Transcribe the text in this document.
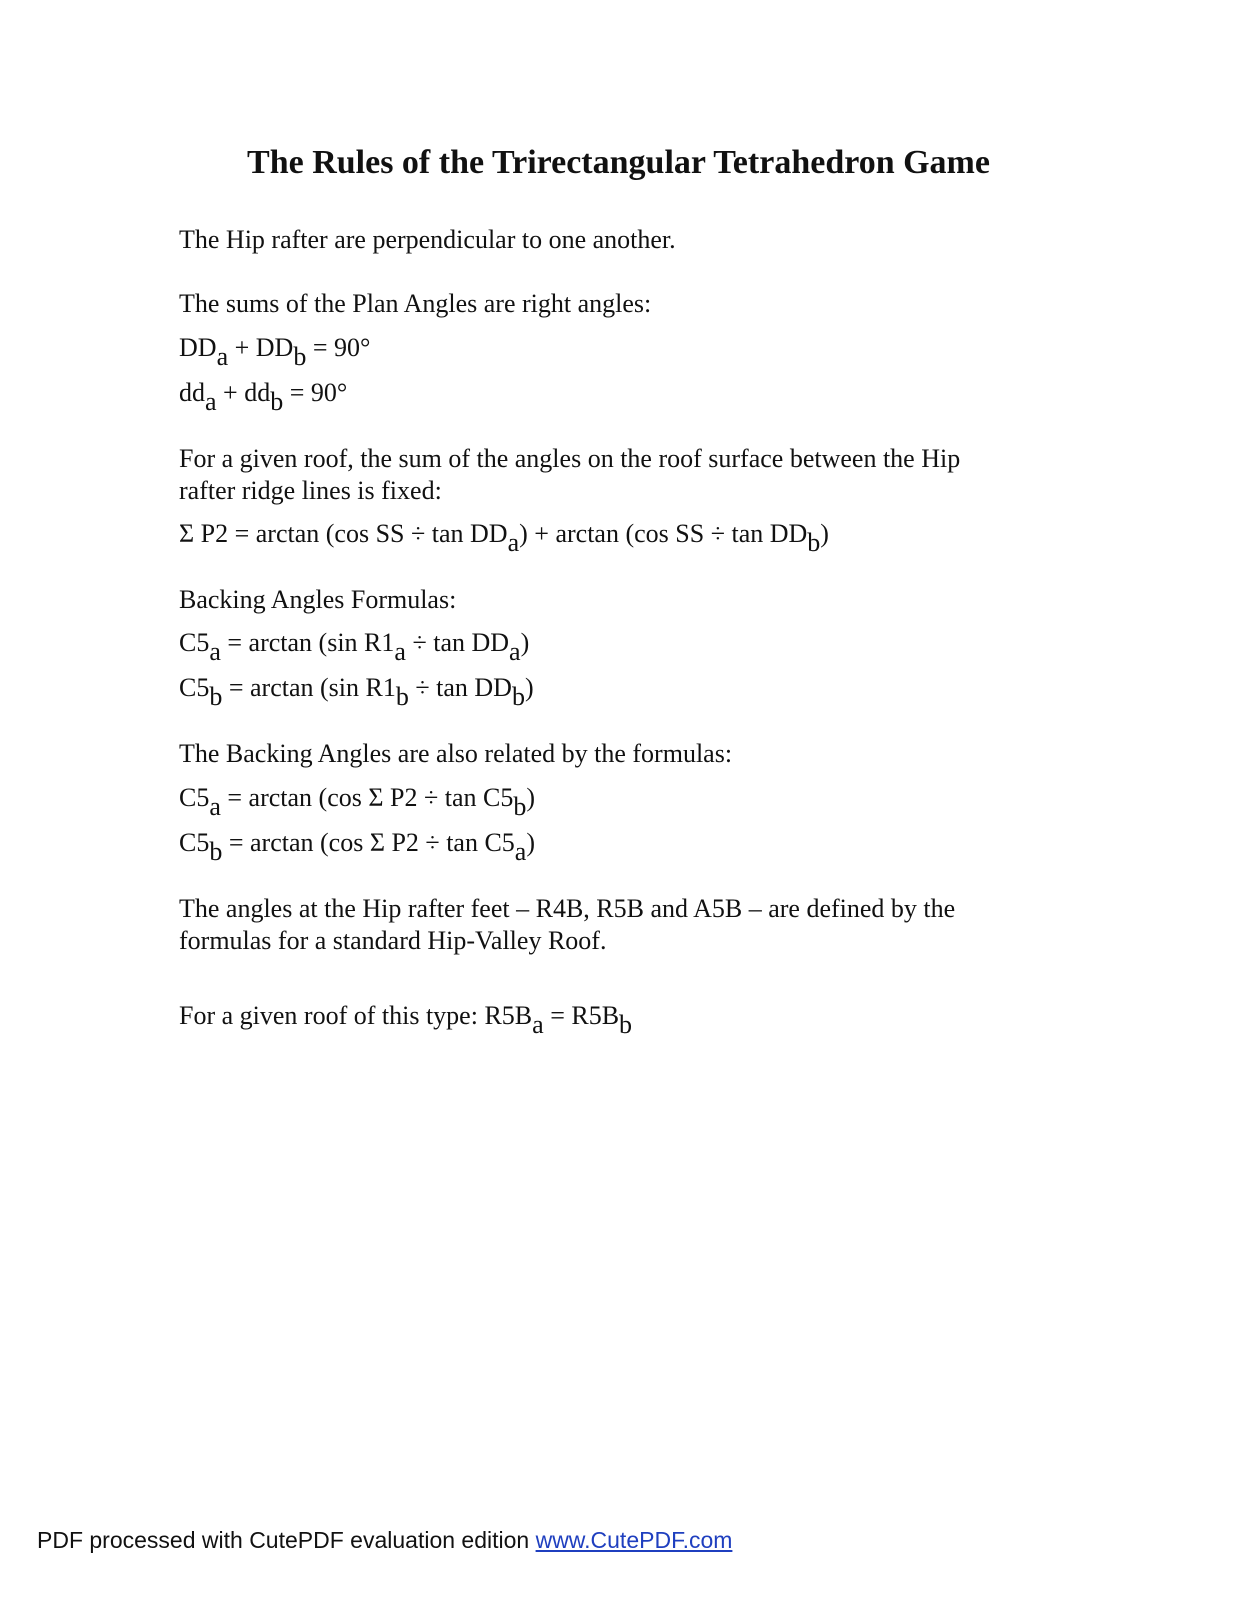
The Rules of the Trirectangular Tetrahedron Game
The Hip rafter are perpendicular to one another.
The sums of the Plan Angles are right angles:
$DD_a + DD_b = 90^\circ$
$dd_a + dd_b = 90^\circ$
For a given roof, the sum of the angles on the roof surface between the Hip
rafter ridge lines is fixed:
Σ P2 = arctan (cos SS ÷ $\tan DD_a) + \arctan (\cos$ SS ÷ $\tan DD_b$)
Backing Angles Formulas:
$C5_a = \arctan (\sin$ $R1_a \div \tan DD_a$)
$C5_b = \arctan (\sin$ $R1_b \div \tan DD_b$)
The Backing Angles are also related by the formulas:
$C5_a = \arctan (\cos$ Σ $P2 \div \tan C5_b$)
$C5_b = \arctan (\cos$ Σ $P2 \div \tan C5_a$)
The angles at the Hip rafter feet – R4B, R5B and A5B – are defined by the
formulas for a standard Hip-Valley Roof.
For a given roof of this type: $R5B_a = R5B_b$
PDF processed with CutePDF evaluation edition www.CutePDF.com
